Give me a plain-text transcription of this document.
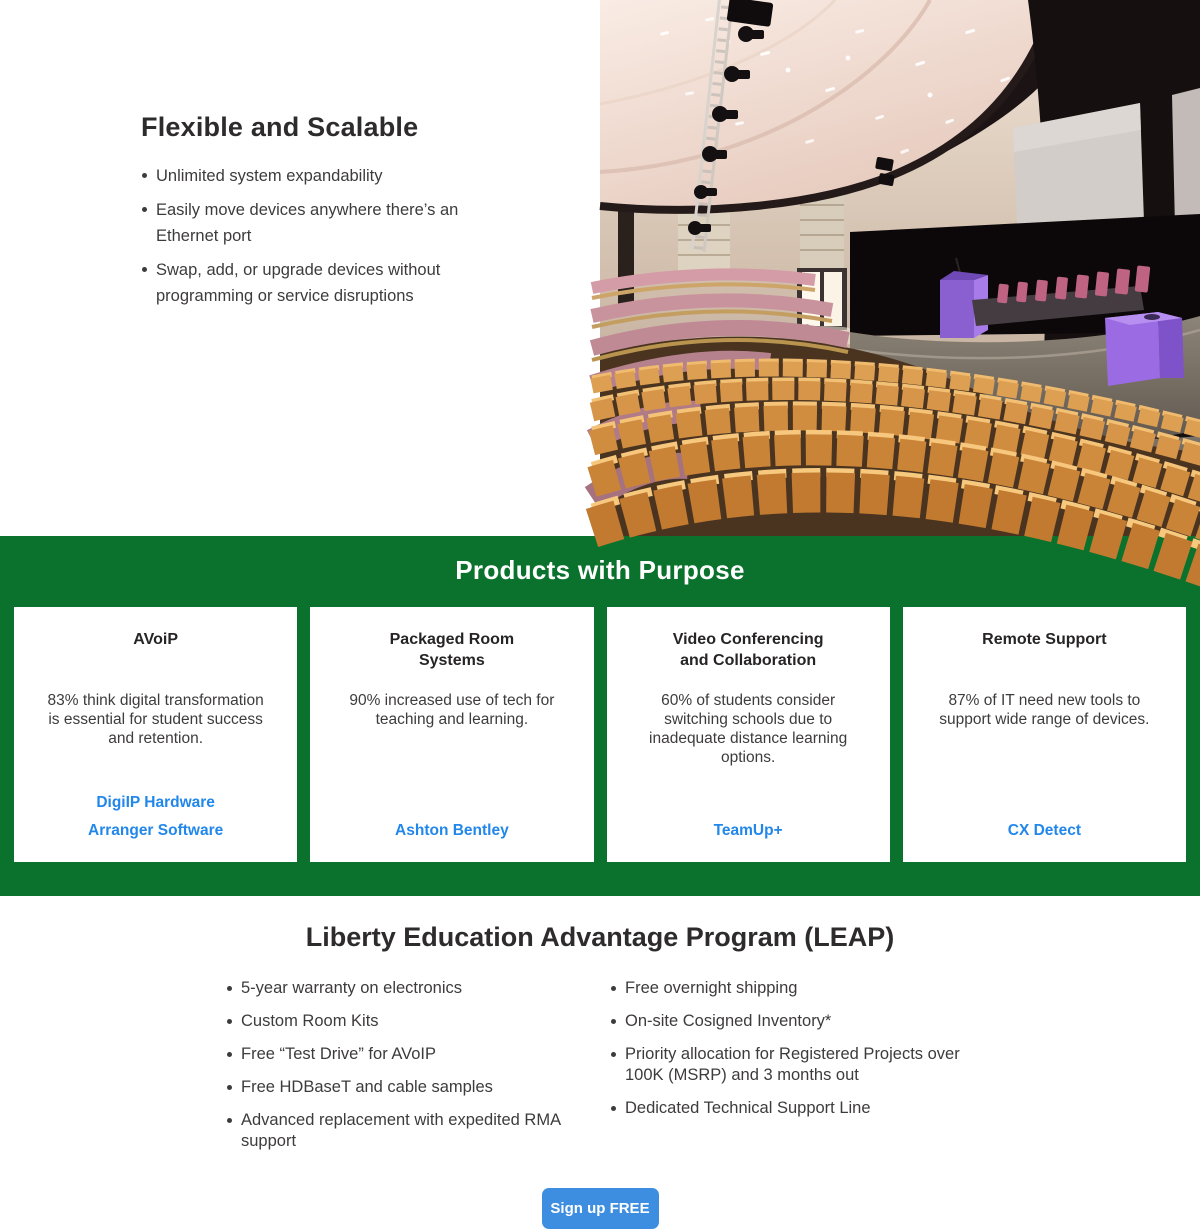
Flexible and Scalable
Unlimited system expandability
Easily move devices anywhere there’s an Ethernet port
Swap, add, or upgrade devices without programming or service disruptions
Products with Purpose
AVoiP
83% think digital transformation is essential for student success and retention.
DigiIP Hardware
Arranger Software
Packaged Room Systems
90% increased use of tech for teaching and learning.
Ashton Bentley
Video Conferencing and Collaboration
60% of students consider switching schools due to inadequate distance learning options.
TeamUp+
Remote Support
87% of IT need new tools to support wide range of devices.
CX Detect
Liberty Education Advantage Program (LEAP)
5-year warranty on electronics
Custom Room Kits
Free “Test Drive” for AVoIP
Free HDBaseT and cable samples
Advanced replacement with expedited RMA support
Free overnight shipping
On-site Cosigned Inventory*
Priority allocation for Registered Projects over 100K (MSRP) and 3 months out
Dedicated Technical Support Line
Sign up FREE
